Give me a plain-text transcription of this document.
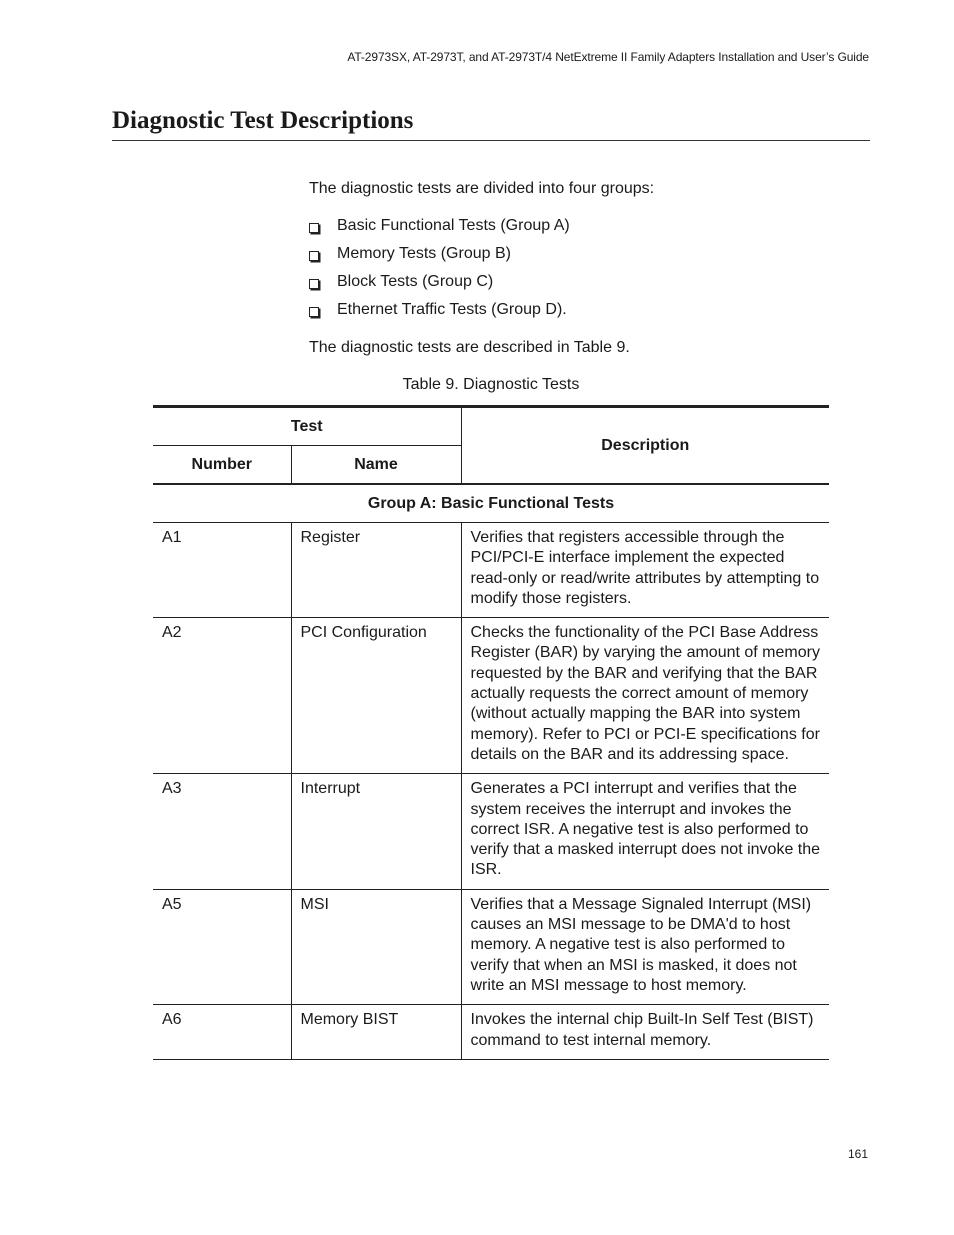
AT-2973SX, AT-2973T, and AT-2973T/4 NetExtreme II Family Adapters Installation and User’s Guide
Diagnostic Test Descriptions
The diagnostic tests are divided into four groups:
Basic Functional Tests (Group A)
Memory Tests (Group B)
Block Tests (Group C)
Ethernet Traffic Tests (Group D).
The diagnostic tests are described in Table 9.
Table 9. Diagnostic Tests
Test		Description
Number	Name	
Group A: Basic Functional Tests		
A1	Register	Verifies that registers accessible through the PCI/PCI-E interface implement the expected read-only or read/write attributes by attempting to modify those registers.
A2	PCI Configuration	Checks the functionality of the PCI Base Address Register (BAR) by varying the amount of memory requested by the BAR and verifying that the BAR actually requests the correct amount of memory (without actually mapping the BAR into system memory). Refer to PCI or PCI-E specifications for details on the BAR and its addressing space.
A3	Interrupt	Generates a PCI interrupt and verifies that the system receives the interrupt and invokes the correct ISR. A negative test is also performed to verify that a masked interrupt does not invoke the ISR.
A5	MSI	Verifies that a Message Signaled Interrupt (MSI) causes an MSI message to be DMA'd to host memory. A negative test is also performed to verify that when an MSI is masked, it does not write an MSI message to host memory.
A6	Memory BIST	Invokes the internal chip Built-In Self Test (BIST) command to test internal memory.
161
